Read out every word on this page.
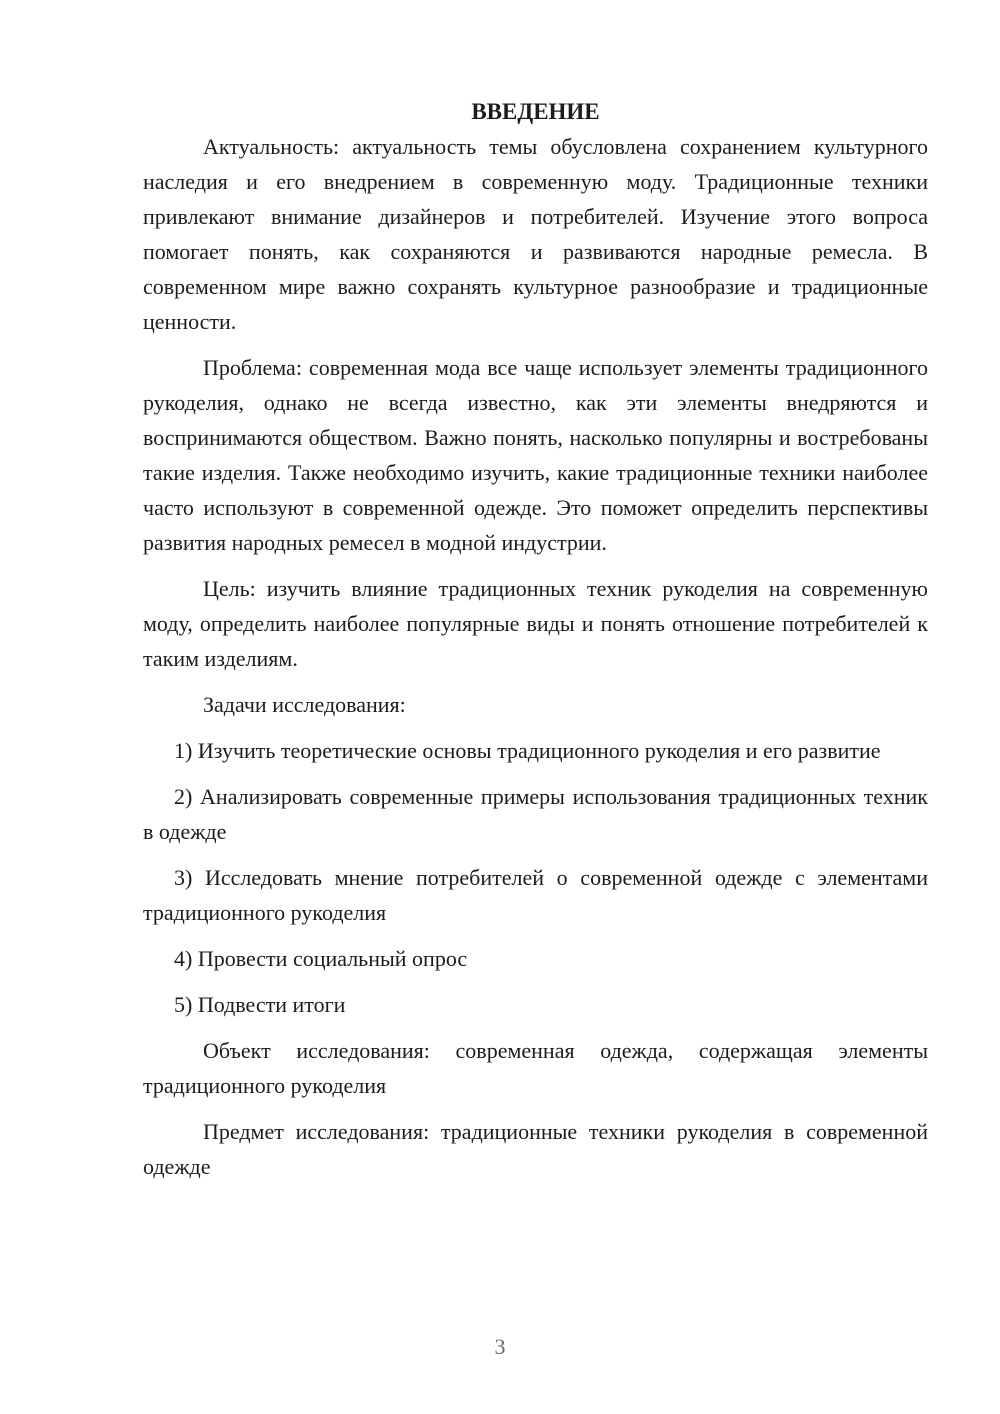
ВВЕДЕНИЕ

Актуальность: актуальность темы обусловлена сохранением культурного наследия и его внедрением в современную моду. Традиционные техники привлекают внимание дизайнеров и потребителей. Изучение этого вопроса помогает понять, как сохраняются и развиваются народные ремесла. В современном мире важно сохранять культурное разнообразие и традиционные ценности.

Проблема: современная мода все чаще использует элементы традиционного рукоделия, однако не всегда известно, как эти элементы внедряются и воспринимаются обществом. Важно понять, насколько популярны и востребованы такие изделия. Также необходимо изучить, какие традиционные техники наиболее часто используют в современной одежде. Это поможет определить перспективы развития народных ремесел в модной индустрии.

Цель: изучить влияние традиционных техник рукоделия на современную моду, определить наиболее популярные виды и понять отношение потребителей к таким изделиям.

Задачи исследования:

1) Изучить теоретические основы традиционного рукоделия и его развитие

2) Анализировать современные примеры использования традиционных техник в одежде

3) Исследовать мнение потребителей о современной одежде с элементами традиционного рукоделия

4) Провести социальный опрос

5) Подвести итоги

Объект исследования: современная одежда, содержащая элементы традиционного рукоделия

Предмет исследования: традиционные техники рукоделия в современной одежде

3
